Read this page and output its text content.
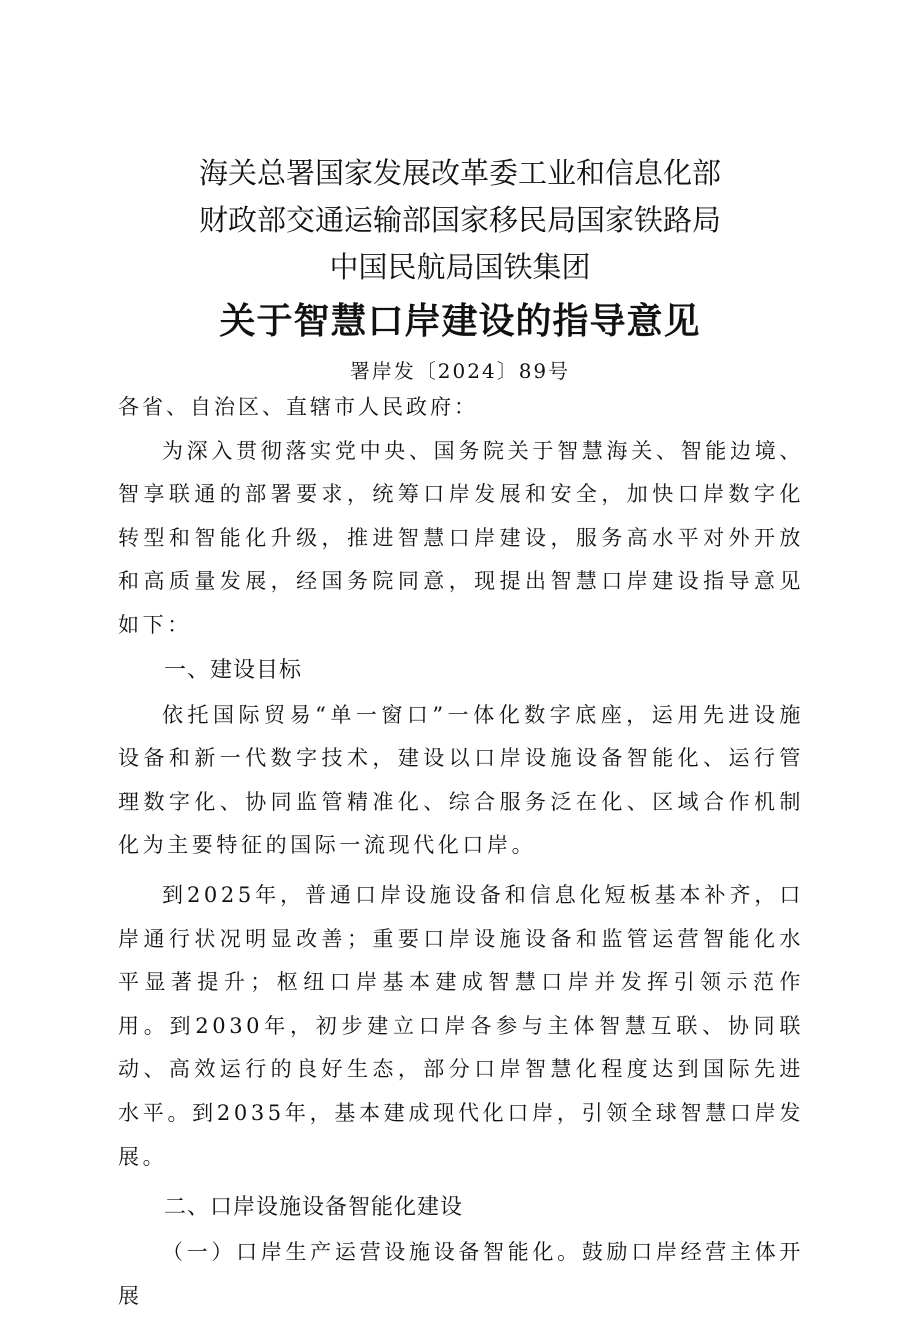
海关总署国家发展改革委工业和信息化部
财政部交通运输部国家移民局国家铁路局
中国民航局国铁集团
关于智慧口岸建设的指导意见
署岸发〔2024〕89号

各省、自治区、直辖市人民政府：

为深入贯彻落实党中央、国务院关于智慧海关、智能边境、智享联通的部署要求，统筹口岸发展和安全，加快口岸数字化转型和智能化升级，推进智慧口岸建设，服务高水平对外开放和高质量发展，经国务院同意，现提出智慧口岸建设指导意见如下：

一、建设目标

依托国际贸易“单一窗口”一体化数字底座，运用先进设施设备和新一代数字技术，建设以口岸设施设备智能化、运行管理数字化、协同监管精准化、综合服务泛在化、区域合作机制化为主要特征的国际一流现代化口岸。

到2025年，普通口岸设施设备和信息化短板基本补齐，口岸通行状况明显改善；重要口岸设施设备和监管运营智能化水平显著提升；枢纽口岸基本建成智慧口岸并发挥引领示范作用。到2030年，初步建立口岸各参与主体智慧互联、协同联动、高效运行的良好生态，部分口岸智慧化程度达到国际先进水平。到2035年，基本建成现代化口岸，引领全球智慧口岸发展。

二、口岸设施设备智能化建设

（一）口岸生产运营设施设备智能化。鼓励口岸经营主体开展
